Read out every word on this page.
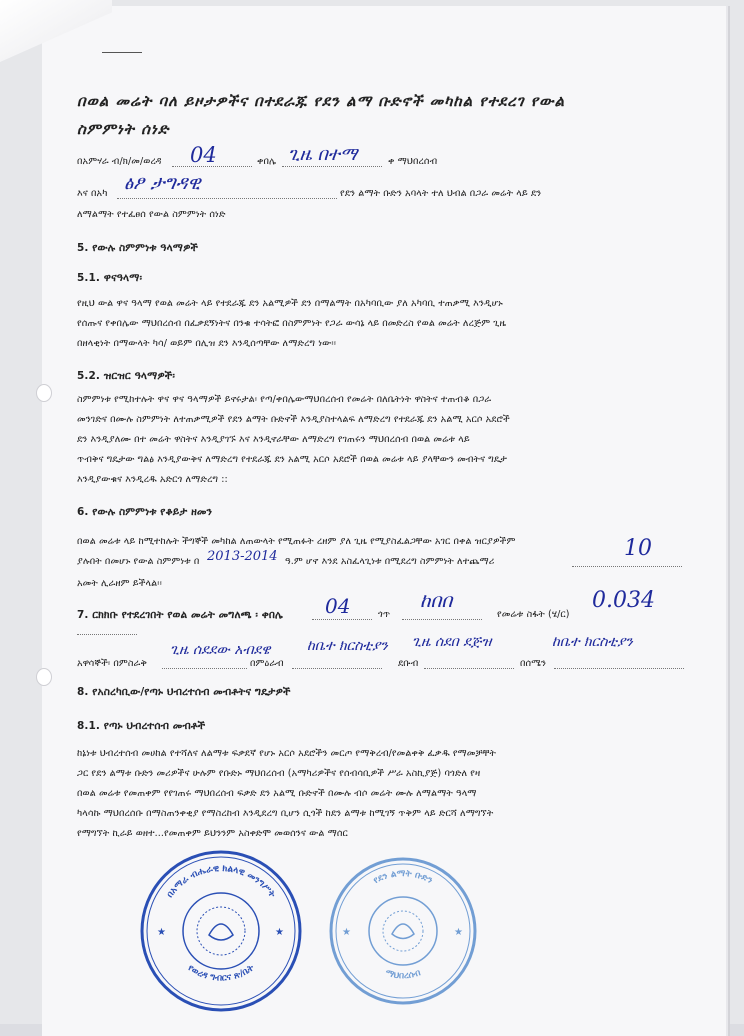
በወል መሬት ባለ ይዞታዎችና በተደራጁ የደን ልማ ቡድኖች መካከል የተደረገ የውል
ስምምነት ሰነድ
በአምሃራ ብ/ክ/መ/ወረዳ 04	ቀበሌ ጊዜ በተማ	ቀ ማህበረሰብ
እና በአካ ፅፆ ታግዳዊ	የደን ልማት ቡድን አባላት ተለ ህብል በጋራ መሬት ላይ ደን
ለማልማት የተፈፀሰ የውል ስምምነት ሰነድ
5. የውሉ ስምምነቱ ዓላማዎች
5.1. ዋናዓላማ፡
የዚህ ውል ዋና ዓላማ የወል መሬት ላይ የተደራጁ ደን አልሚዎች ደን በማልማት በአካባቢው ያለ አካባቢ ተጠቃሚ እንዲሆኑ
የሰጡና የቀበሌው ማህበረሰብ በፈቃደኝነትና በንቁ ተሳትፎ በስምምነት የጋራ ውሳኔ ላይ በመድረስ የወል መሬት ለረጅም ጊዜ
በዘላቂነት በማውላት ካሳ/ ወይም በሊዝ ደን እንዲሰጣቸው ለማድረግ ነው፡፡
5.2. ዝርዝር ዓላማዎች፡
ስምምነቱ የሚከተሉት ዋና ዋና ዓላማዎች ይኖሩታል፡ የጣ/ቀበሌውማህበረሰብ የመሬት በለቤትነት ዋስትና ተጠብቆ በጋራ
መንገድና በሙሉ ስምምነት ለተጠቃሚዎች የደን ልማት ቡድኖች እንዲያስተላልፍ ለማድረግ የተደራጁ ደን አልሚ አርሶ አደሮች
ደን እንዲያለሙ በተ መሬት ዋስትና እንዲያገኙ እና እንዲኖራቸው ለማድረግ የገጠሩን ማህበረሰብ በወል መሬቱ ላይ
ጥብቅና ግዴታው ግልፅ እንዲያውቅና ለማድረግ የተደራጁ ደን አልሚ አርሶ አደሮች በወል መሬቱ ላይ ያላቸውን መብትና ግዴታ
እንዲያውቁና እንዲረዱ አድርጎ ለማድረግ ::
6. የውሉ ስምምነቱ የቆይታ ዘመን
በወል መሬቱ ላይ ከሚተከሉት ችግኞች መካከል ለጠውላት የሚጠፉት ረዘም ያለ ጊዜ የሚያስፈልጋቸው አገር በቀል ዝርያዎችም
ያሉበት በመሆኑ የውል ስምምነቱ በ 2013-2014 ዓ.ም ሆኖ እንደ አስፈላጊነቱ በሚደረግ ስምምነት ለተጨማሪ
10
አመት ሊራዘም ይችላል፡፡
7. ርክክቡ የተደረገበት የወል መሬት መግለጫ ፡ ቀበሌ 04	ጎጥ
ከበበ
የመሬቱ ስፋት (ሄ/ር)
0.034
አዋሳኞች፡ በምስራቅ
ጊዜ ሰደደው አብደዌ
በምዕራብ
ከቤተ ክርስቲያን
ደቡብ
ጊዜ ሰደበ ደጅዝ
በሰሜን
ከቤተ ክርስቲያን
8. የአስረካቢው/የጣኑ ህብረተሰብ መብቶትና ግዴታዎች
8.1. የጣኑ ህብረተሰብ መብቶች
ከኔነቱ ህብረተሰብ መሀከል የተሻለና ለልማቱ ፍቃደኛ የሆኑ አርሶ አደሮችን መርጦ የማቅረብ/የመልቀቅ ፈቃዱ የማመቻቸት
ጋር የደን ልማቱ ቡድን መሪዎችና ሁሉም የቡድኑ ማህበረሰብ (አማካሪዎችና የሰብሳቢዎች ሥራ አስኪያጅ) ባጎድለ የዛ
በወል መሬቱ የመጠቀም የየገጠሩ ማህበረሰብ ፍቃድ ደን አልሚ ቡድኖች በሙሉ ብሶ መሬት ሙሉ ለማልማት ዓላማ
ካላሳኩ ማህበረሰቡ በማስጠንቀቂያ የማስረከብ እንዲደረግ ቢሆን ሲጎች ከደን ልማቱ ከሚገኝ ጥቅም ላይ ድርሻ ለማግኘት
የማግኘት ኪራይ ወዘተ...የመጠቀም ይህንንም አስቀድሞ መወሰንና ውል ማሰር
በአማራ ብሔራዊ ክልላዊ መንግሥት
የወረዳ ግብርና ጽ/ቤት
★	★
የደን ልማት ቡድን
ማህበረሰብ
★	★
